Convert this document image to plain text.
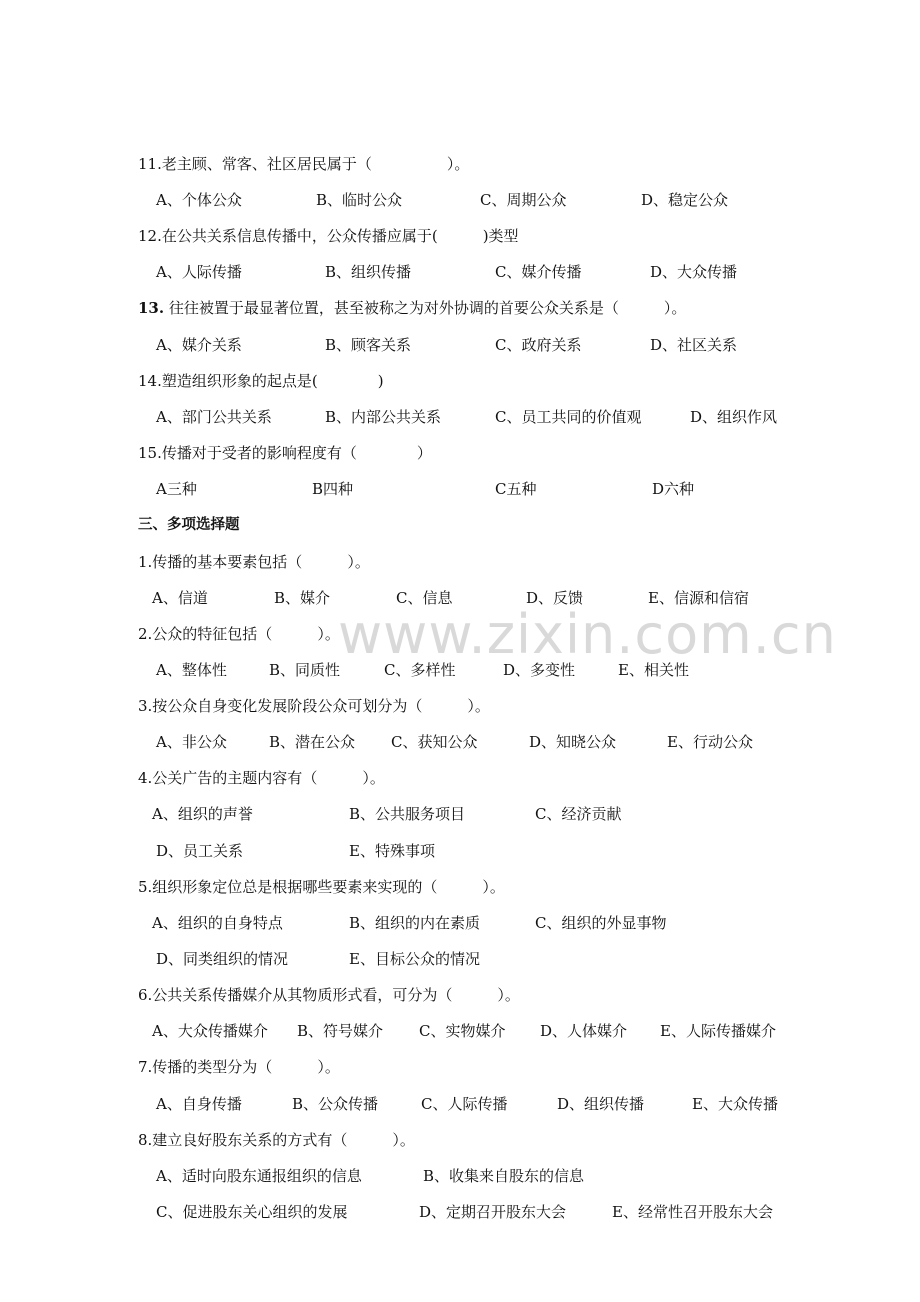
www.zixin.com.cn
11.老主顾、常客、社区居民属于（　　　　　）。
A、个体公众	B、临时公众	C、周期公众	D、稳定公众
12.在公共关系信息传播中，公众传播应属于(　　　)类型
A、人际传播	B、组织传播	C、媒介传播	D、大众传播
13. 往往被置于最显著位置，甚至被称之为对外协调的首要公众关系是（　　　）。
A、媒介关系	B、顾客关系	C、政府关系	D、社区关系
14.塑造组织形象的起点是(　　　　)
A、部门公共关系	B、内部公共关系	C、员工共同的价值观	D、组织作风
15.传播对于受者的影响程度有（　　　　）
A三种	B四种	C五种	D六种
三、多项选择题
1.传播的基本要素包括（　　　）。
A、信道	B、媒介	C、信息	D、反馈	E、信源和信宿
2.公众的特征包括（　　　）。
A、整体性	B、同质性	C、多样性	D、多变性	E、相关性
3.按公众自身变化发展阶段公众可划分为（　　　）。
A、非公众	B、潜在公众 C、获知公众	D、知晓公众	E、行动公众
4.公关广告的主题内容有（　　　）。
A、组织的声誉	B、公共服务项目	C、经济贡献
D、员工关系	E、特殊事项
5.组织形象定位总是根据哪些要素来实现的（　　　）。
A、组织的自身特点	B、组织的内在素质	C、组织的外显事物
D、同类组织的情况	E、目标公众的情况
6.公共关系传播媒介从其物质形式看，可分为（　　　）。
A、大众传播媒介 B、符号媒介 C、实物媒介 D、人体媒介 E、人际传播媒介
7.传播的类型分为（　　　）。
A、自身传播	B、公众传播	C、人际传播	D、组织传播	E、大众传播
8.建立良好股东关系的方式有（　　　）。
A、适时向股东通报组织的信息	B、收集来自股东的信息
C、促进股东关心组织的发展	D、定期召开股东大会	E、经常性召开股东大会
